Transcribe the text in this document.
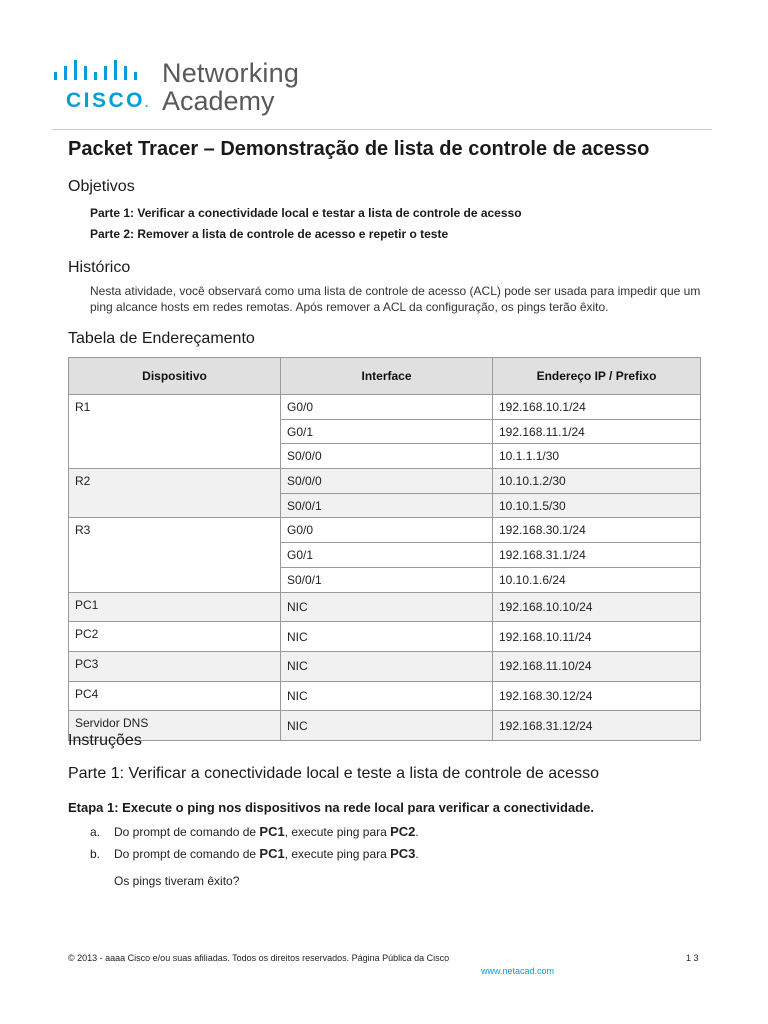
CISCO.
Networking
Academy
Packet Tracer – Demonstração de lista de controle de acesso
Objetivos
Parte 1: Verificar a conectividade local e testar a lista de controle de acesso
Parte 2: Remover a lista de controle de acesso e repetir o teste
Histórico
Nesta atividade, você observará como uma lista de controle de acesso (ACL) pode ser usada para impedir que um ping alcance hosts em redes remotas. Após remover a ACL da configuração, os pings terão êxito.
Tabela de Endereçamento
Dispositivo	Interface	Endereço IP / Prefixo
R1	G0/0	192.168.10.1/24
	G0/1	192.168.11.1/24
	S0/0/0	10.1.1.1/30
R2	S0/0/0	10.10.1.2/30
	S0/0/1	10.10.1.5/30
R3	G0/0	192.168.30.1/24
	G0/1	192.168.31.1/24
	S0/0/1	10.10.1.6/24
PC1	NIC	192.168.10.10/24
PC2	NIC	192.168.10.11/24
PC3	NIC	192.168.11.10/24
PC4	NIC	192.168.30.12/24
Servidor DNS	NIC	192.168.31.12/24
Instruções
Parte 1: Verificar a conectividade local e teste a lista de controle de acesso
Etapa 1: Execute o ping nos dispositivos na rede local para verificar a conectividade.
a. Do prompt de comando de PC1, execute ping para PC2.
b. Do prompt de comando de PC1, execute ping para PC3.
Os pings tiveram êxito?
© 2013 - aaaa Cisco e/ou suas afiliadas. Todos os direitos reservados. Página Pública da Cisco	1 3
www.netacad.com
